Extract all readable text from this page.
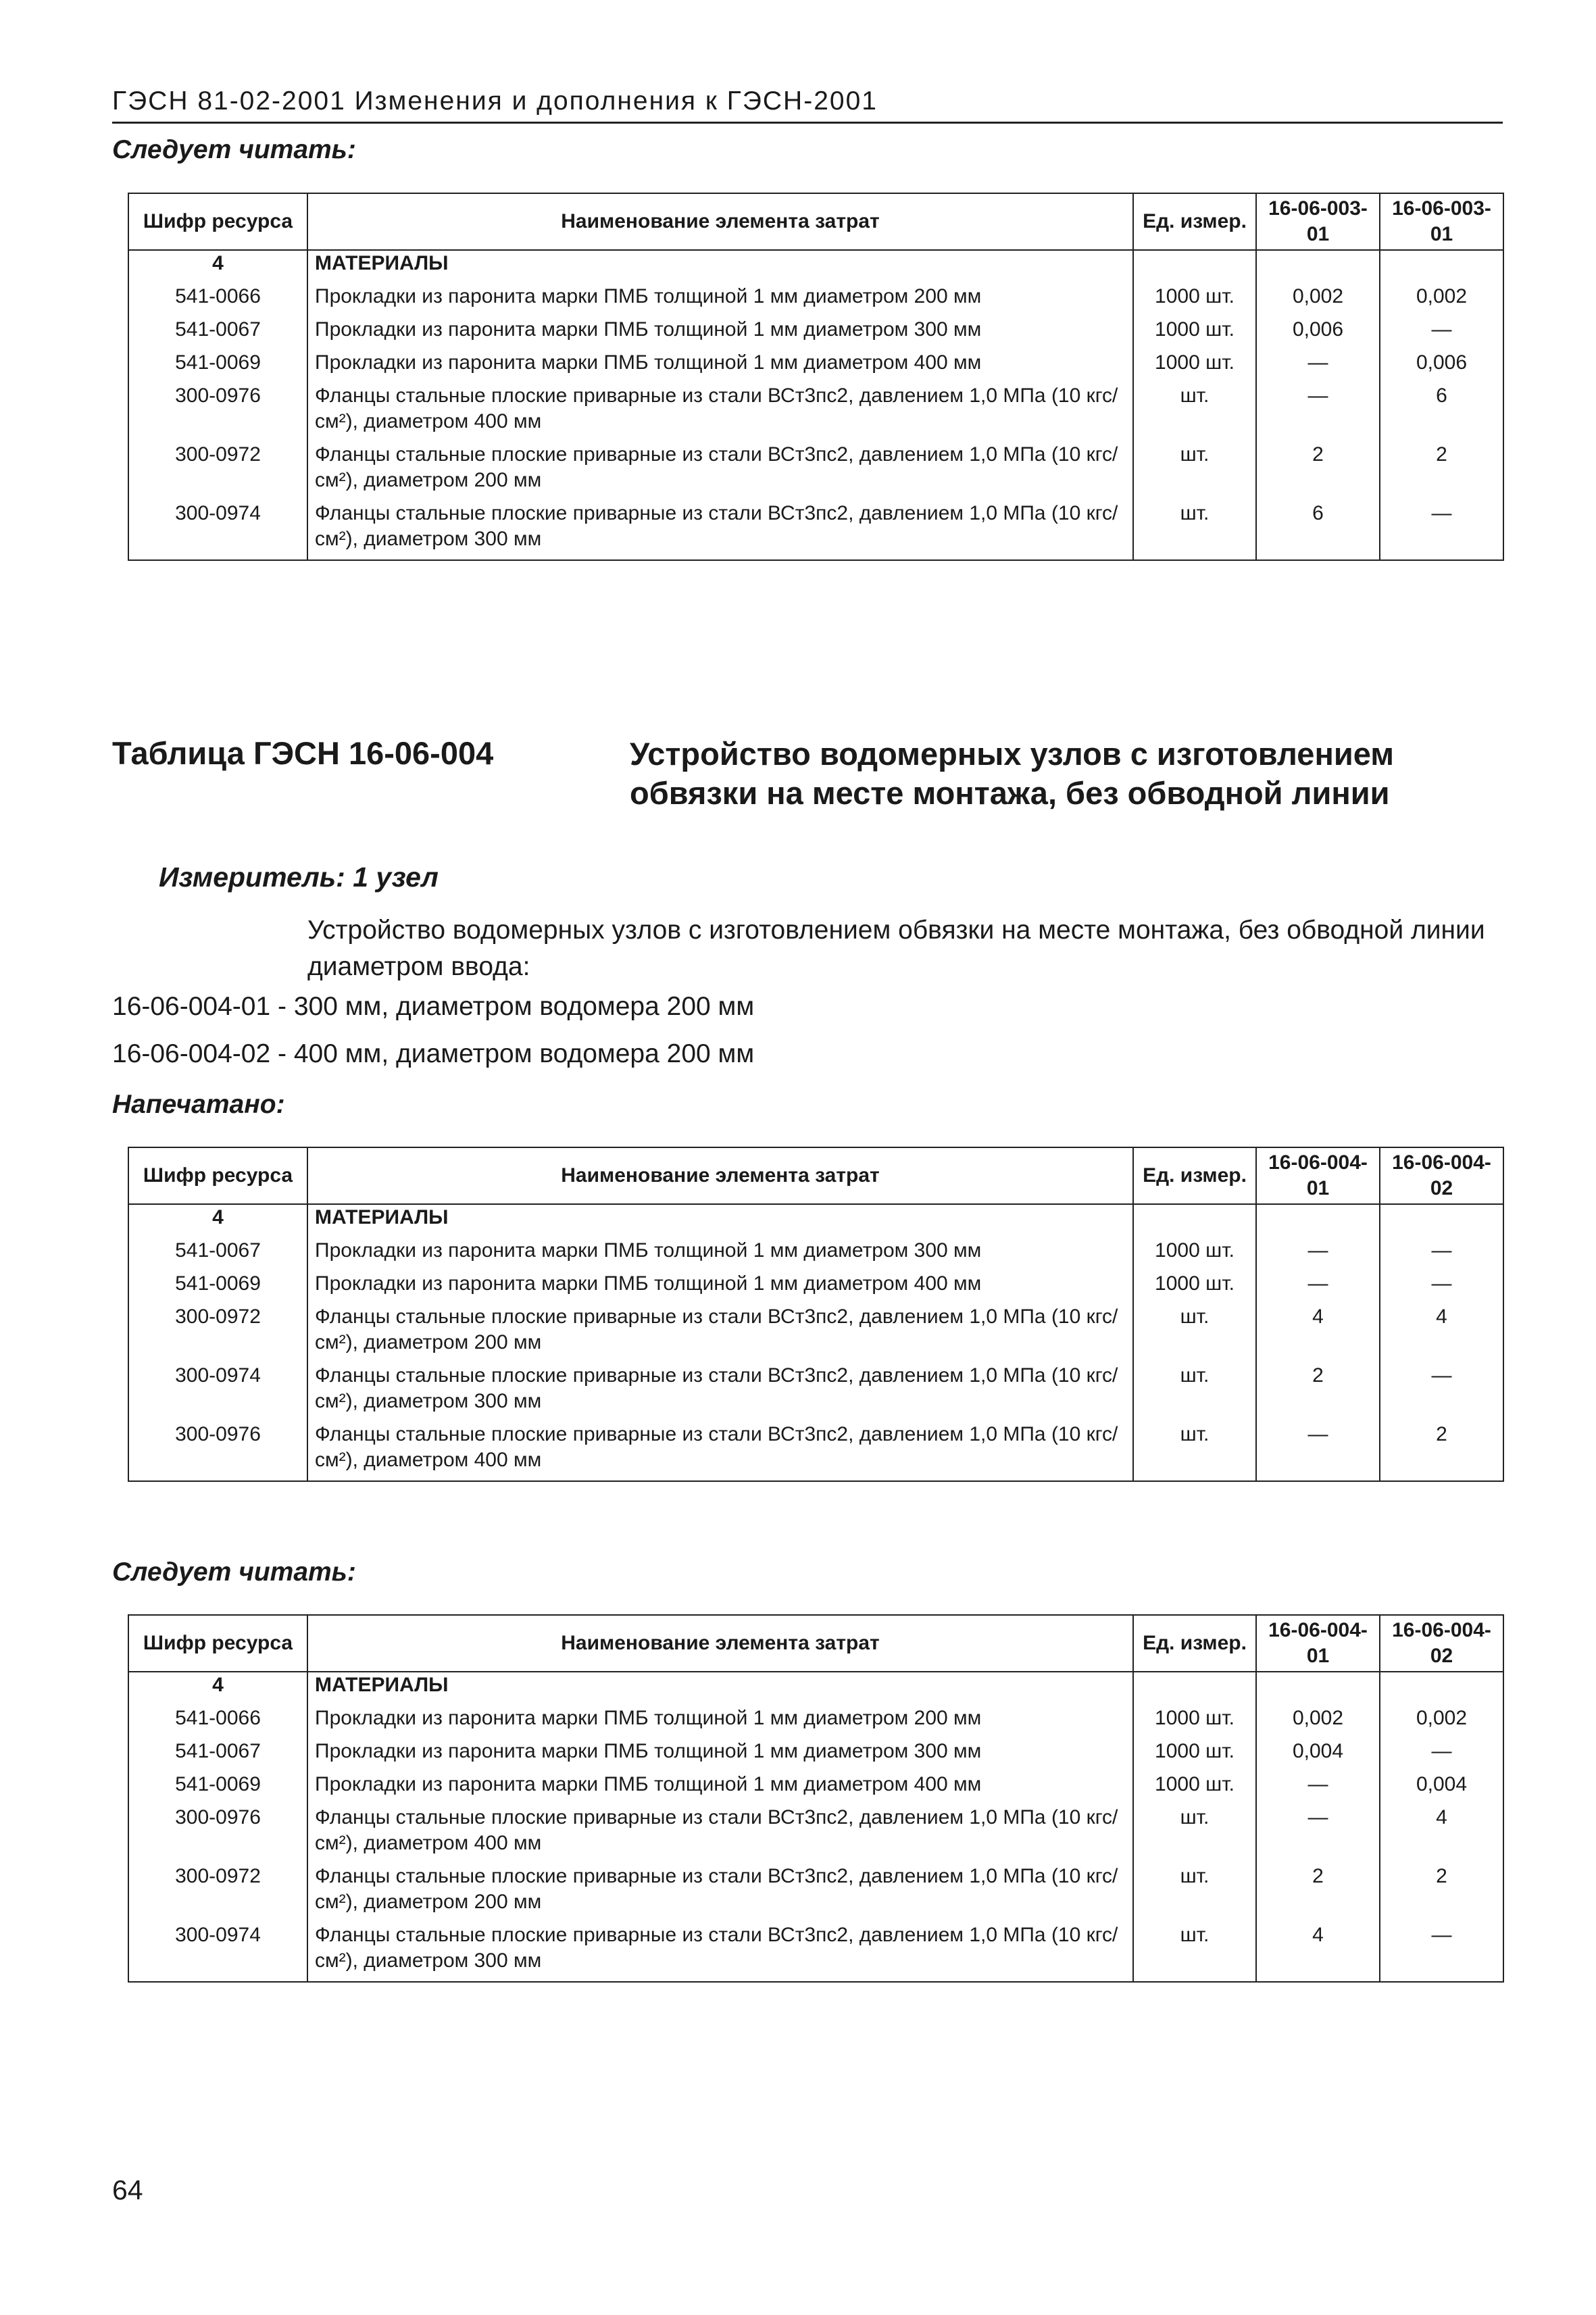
ГЭСН 81-02-2001 Изменения и дополнения к ГЭСН-2001
Следует читать:
Шифр ресурса	Наименование элемента затрат	Ед. измер.	16-06-003-01	16-06-003-01
4	МАТЕРИАЛЫ			
541-0066	Прокладки из паронита марки ПМБ толщиной 1 мм диаметром 200 мм	1000 шт.	0,002	0,002
541-0067	Прокладки из паронита марки ПМБ толщиной 1 мм диаметром 300 мм	1000 шт.	0,006	—
541-0069	Прокладки из паронита марки ПМБ толщиной 1 мм диаметром 400 мм	1000 шт.	—	0,006
300-0976	Фланцы стальные плоские приварные из стали ВСт3пс2, давлением 1,0 МПа (10 кгс/см²), диаметром 400 мм	шт.	—	6
300-0972	Фланцы стальные плоские приварные из стали ВСт3пс2, давлением 1,0 МПа (10 кгс/см²), диаметром 200 мм	шт.	2	2
300-0974	Фланцы стальные плоские приварные из стали ВСт3пс2, давлением 1,0 МПа (10 кгс/см²), диаметром 300 мм	шт.	6	—
Таблица ГЭСН 16-06-004	Устройство водомерных узлов с изготовлением обвязки на месте монтажа, без обводной линии
Измеритель: 1 узел
Устройство водомерных узлов с изготовлением обвязки на месте монтажа, без обводной линии диаметром ввода:
16-06-004-01 - 300 мм, диаметром водомера 200 мм
16-06-004-02 - 400 мм, диаметром водомера 200 мм
Напечатано:
Шифр ресурса	Наименование элемента затрат	Ед. измер.	16-06-004-01	16-06-004-02
4	МАТЕРИАЛЫ			
541-0067	Прокладки из паронита марки ПМБ толщиной 1 мм диаметром 300 мм	1000 шт.	—	—
541-0069	Прокладки из паронита марки ПМБ толщиной 1 мм диаметром 400 мм	1000 шт.	—	—
300-0972	Фланцы стальные плоские приварные из стали ВСт3пс2, давлением 1,0 МПа (10 кгс/см²), диаметром 200 мм	шт.	4	4
300-0974	Фланцы стальные плоские приварные из стали ВСт3пс2, давлением 1,0 МПа (10 кгс/см²), диаметром 300 мм	шт.	2	—
300-0976	Фланцы стальные плоские приварные из стали ВСт3пс2, давлением 1,0 МПа (10 кгс/см²), диаметром 400 мм	шт.	—	2
Следует читать:
Шифр ресурса	Наименование элемента затрат	Ед. измер.	16-06-004-01	16-06-004-02
4	МАТЕРИАЛЫ			
541-0066	Прокладки из паронита марки ПМБ толщиной 1 мм диаметром 200 мм	1000 шт.	0,002	0,002
541-0067	Прокладки из паронита марки ПМБ толщиной 1 мм диаметром 300 мм	1000 шт.	0,004	—
541-0069	Прокладки из паронита марки ПМБ толщиной 1 мм диаметром 400 мм	1000 шт.	—	0,004
300-0976	Фланцы стальные плоские приварные из стали ВСт3пс2, давлением 1,0 МПа (10 кгс/см²), диаметром 400 мм	шт.	—	4
300-0972	Фланцы стальные плоские приварные из стали ВСт3пс2, давлением 1,0 МПа (10 кгс/см²), диаметром 200 мм	шт.	2	2
300-0974	Фланцы стальные плоские приварные из стали ВСт3пс2, давлением 1,0 МПа (10 кгс/см²), диаметром 300 мм	шт.	4	—
64
